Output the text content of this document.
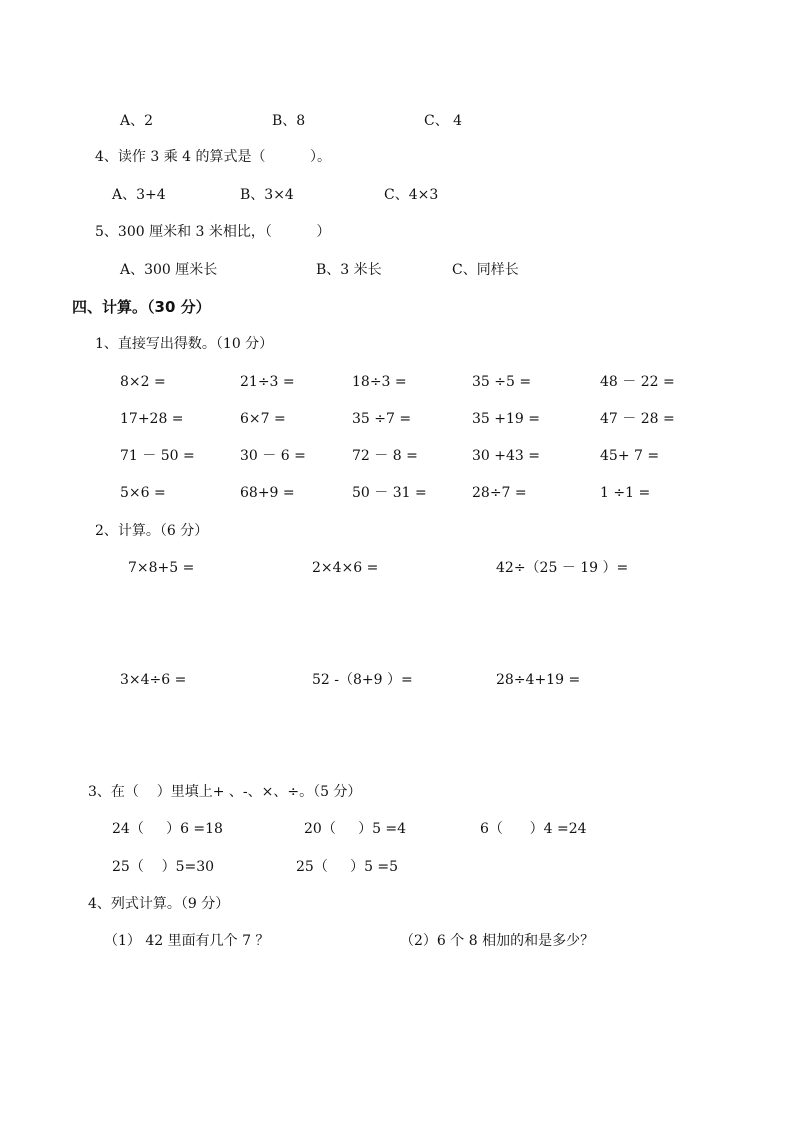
A、2	B、8	C、 4
4、读作 3 乘 4 的算式是（          ）。
A、3+4	B、3×4	C、4×3
5、300 厘米和 3 米相比，（          ）
A、300 厘米长	B、3 米长	C、同样长
四、计算。（30 分）
1、直接写出得数。（10 分）
8×2 =	21÷3 =	18÷3 =	35 ÷5 =	48 － 22 =
17+28 =	6×7 =	35 ÷7 =	35 +19 =	47 － 28 =
71 － 50 =	30 － 6 =	72 － 8 =	30 +43 =	45+ 7 =
5×6 =	68+9 =	50 － 31 =	28÷7 =	1 ÷1 =
2、计算。（6 分）
7×8+5 =	2×4×6 =	42÷（25 － 19 ）=
3×4÷6 =	52 -（8+9 ）=	28÷4+19 =
3、在（    ）里填上+ 、-、×、÷。（5 分）
24（     ）6 =18	20（     ）5 =4	6（      ）4 =24
25（    ）5=30	25（     ）5 =5
4、列式计算。（9 分）
（1） 42 里面有几个 7 ？	（2）6 个 8 相加的和是多少？
